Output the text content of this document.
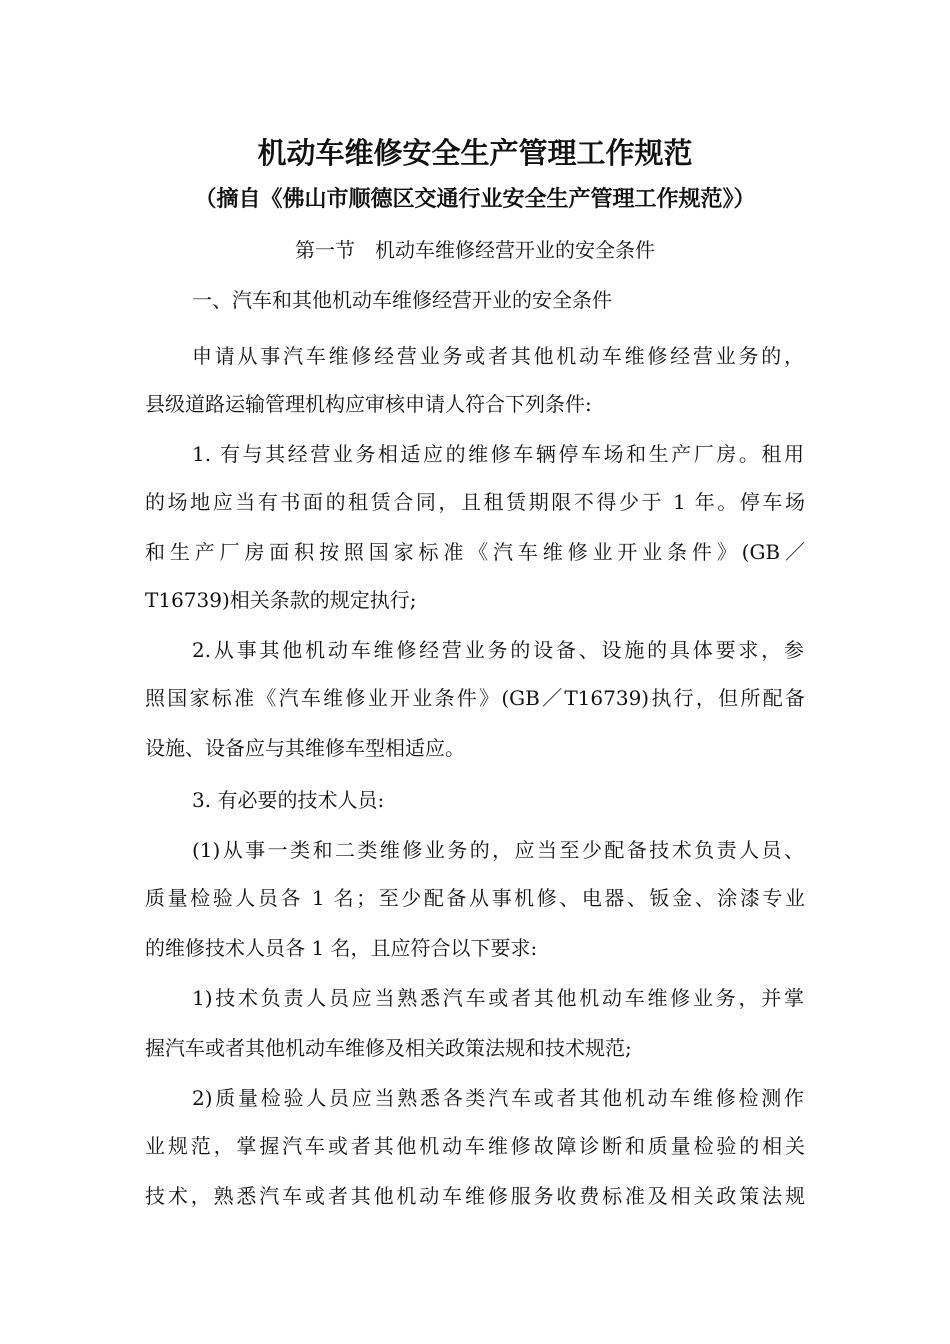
机动车维修安全生产管理工作规范
（摘自《佛山市顺德区交通行业安全生产管理工作规范》）
第一节　机动车维修经营开业的安全条件
一、汽车和其他机动车维修经营开业的安全条件
申请从事汽车维修经营业务或者其他机动车维修经营业务的，
县级道路运输管理机构应审核申请人符合下列条件:
1. 有与其经营业务相适应的维修车辆停车场和生产厂房。租用
的场地应当有书面的租赁合同，且租赁期限不得少于 1 年。停车场
和生产厂房面积按照国家标准《汽车维修业开业条件》(GB／
T16739)相关条款的规定执行;
2.从事其他机动车维修经营业务的设备、设施的具体要求，参
照国家标准《汽车维修业开业条件》(GB／T16739)执行，但所配备
设施、设备应与其维修车型相适应。
3. 有必要的技术人员:
(1)从事一类和二类维修业务的，应当至少配备技术负责人员、
质量检验人员各 1 名；至少配备从事机修、电器、钣金、涂漆专业
的维修技术人员各 1 名，且应符合以下要求:
1)技术负责人员应当熟悉汽车或者其他机动车维修业务，并掌
握汽车或者其他机动车维修及相关政策法规和技术规范;
2)质量检验人员应当熟悉各类汽车或者其他机动车维修检测作
业规范，掌握汽车或者其他机动车维修故障诊断和质量检验的相关
技术，熟悉汽车或者其他机动车维修服务收费标准及相关政策法规
